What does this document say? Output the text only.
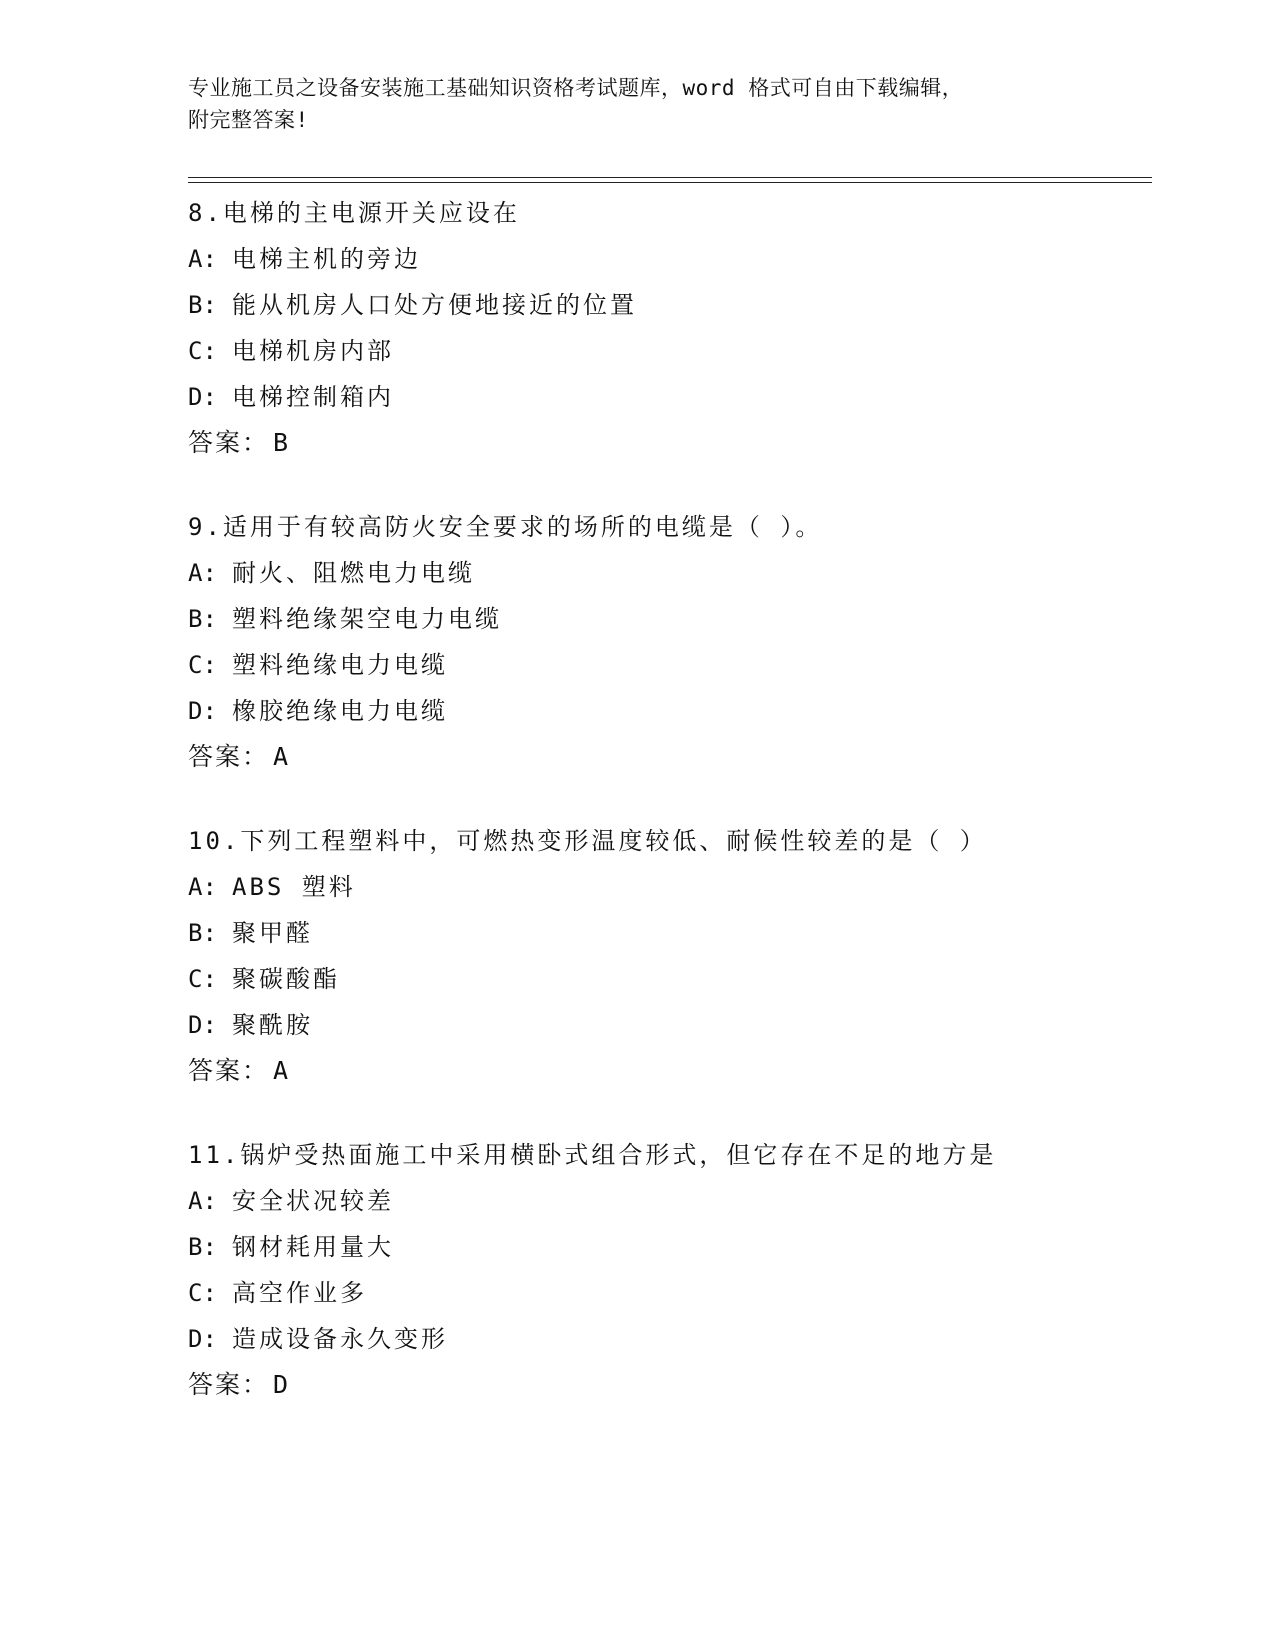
专业施工员之设备安装施工基础知识资格考试题库，word 格式可自由下载编辑，
附完整答案!
8.电梯的主电源开关应设在
A: 电梯主机的旁边
B: 能从机房人口处方便地接近的位置
C: 电梯机房内部
D: 电梯控制箱内
答案： B
9.适用于有较高防火安全要求的场所的电缆是（ ）。
A: 耐火、阻燃电力电缆
B: 塑料绝缘架空电力电缆
C: 塑料绝缘电力电缆
D: 橡胶绝缘电力电缆
答案： A
10.下列工程塑料中，可燃热变形温度较低、耐候性较差的是（ ）
A: ABS 塑料
B: 聚甲醛
C: 聚碳酸酯
D: 聚酰胺
答案： A
11.锅炉受热面施工中采用横卧式组合形式，但它存在不足的地方是
A: 安全状况较差
B: 钢材耗用量大
C: 高空作业多
D: 造成设备永久变形
答案： D
